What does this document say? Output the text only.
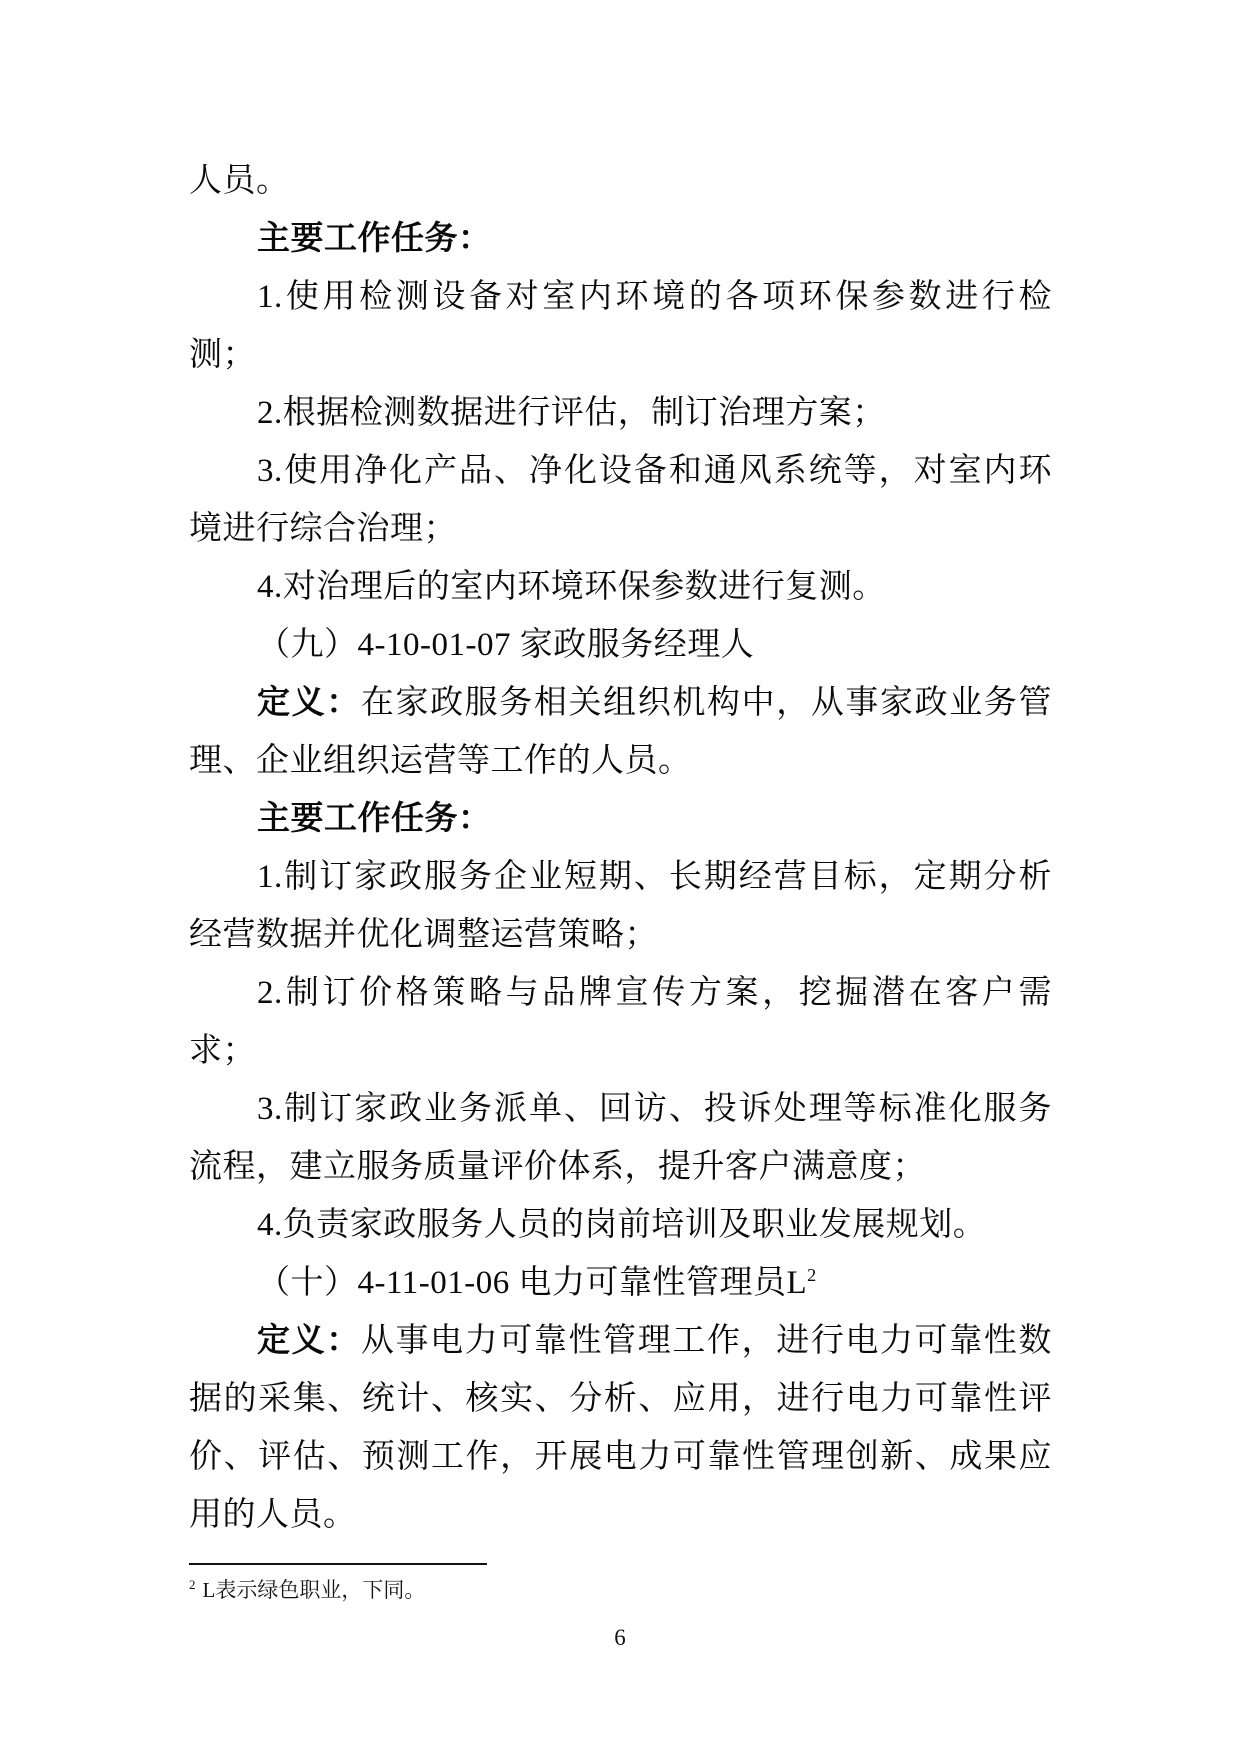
人员。
主要工作任务：
1.使用检测设备对室内环境的各项环保参数进行检
测；
2.根据检测数据进行评估，制订治理方案；
3.使用净化产品、净化设备和通风系统等，对室内环
境进行综合治理；
4.对治理后的室内环境环保参数进行复测。
（九）4-10-01-07 家政服务经理人
定义：在家政服务相关组织机构中，从事家政业务管
理、企业组织运营等工作的人员。
主要工作任务：
1.制订家政服务企业短期、长期经营目标，定期分析
经营数据并优化调整运营策略；
2.制订价格策略与品牌宣传方案，挖掘潜在客户需
求；
3.制订家政业务派单、回访、投诉处理等标准化服务
流程，建立服务质量评价体系，提升客户满意度；
4.负责家政服务人员的岗前培训及职业发展规划。
（十）4-11-01-06 电力可靠性管理员$L^2$
定义：从事电力可靠性管理工作，进行电力可靠性数
据的采集、统计、核实、分析、应用，进行电力可靠性评
价、评估、预测工作，开展电力可靠性管理创新、成果应
用的人员。
$^2$ L表示绿色职业，下同。
6
